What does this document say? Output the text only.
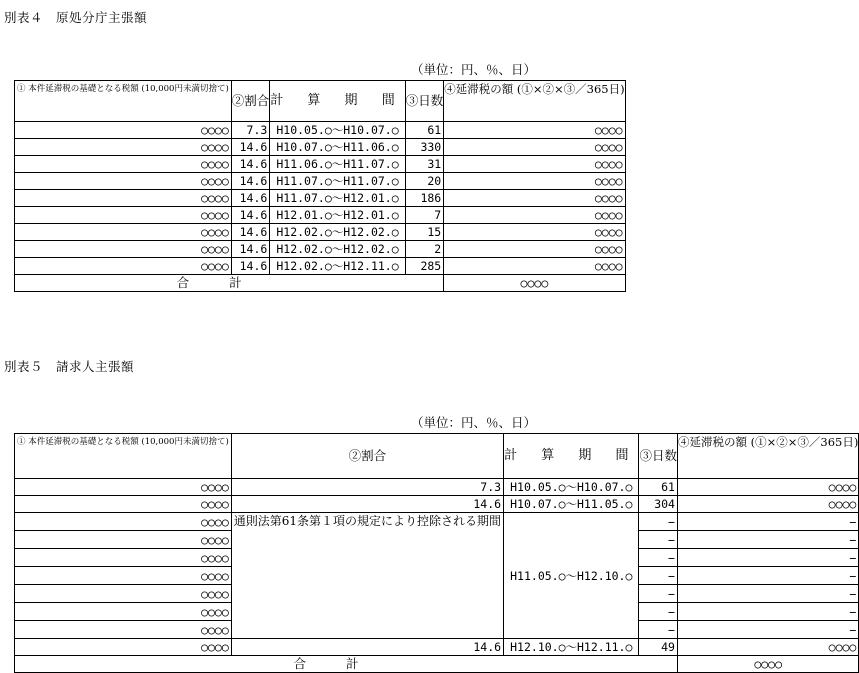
別表４　原処分庁主張額
（単位：円、％、日）
① 本件延滞税の基礎となる税額 (10,000円未満切捨て)	②割合	計 算 期 間	③日数	④延滞税の額 (①×②×③／365日)
○○○○	7.3	H10.05.○〜H10.07.○	61	○○○○
○○○○	14.6	H10.07.○〜H11.06.○	330	○○○○
○○○○	14.6	H11.06.○〜H11.07.○	31	○○○○
○○○○	14.6	H11.07.○〜H11.07.○	20	○○○○
○○○○	14.6	H11.07.○〜H12.01.○	186	○○○○
○○○○	14.6	H12.01.○〜H12.01.○	7	○○○○
○○○○	14.6	H12.02.○〜H12.02.○	15	○○○○
○○○○	14.6	H12.02.○〜H12.02.○	2	○○○○
○○○○	14.6	H12.02.○〜H12.11.○	285	○○○○
合計				○○○○
別表５　請求人主張額
（単位：円、％、日）
① 本件延滞税の基礎となる税額 (10,000円未満切捨て)	②割合	計 算 期 間	③日数	④延滞税の額 (①×②×③／365日)
○○○○	7.3	H10.05.○〜H10.07.○	61	○○○○
○○○○	14.6	H10.07.○〜H11.05.○	304	○○○○
○○○○	通則法第61条第１項の規定により控除される期間	H11.05.○〜H12.10.○	−	−
○○○○			−	−
○○○○			−	−
○○○○			−	−
○○○○			−	−
○○○○			−	−
○○○○			−	−
○○○○	14.6	H12.10.○〜H12.11.○	49	○○○○
合計				○○○○
